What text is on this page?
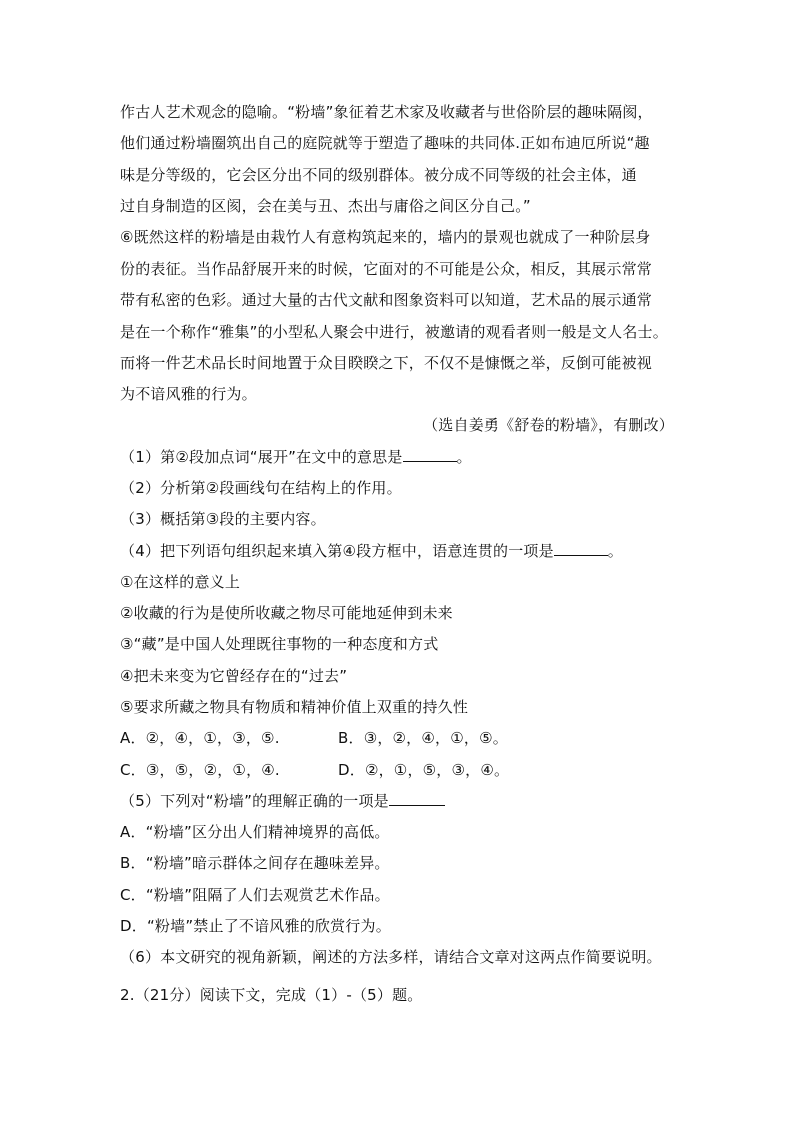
作古人艺术观念的隐喻。“粉墙”象征着艺术家及收藏者与世俗阶层的趣味隔阂，
他们通过粉墙圈筑出自己的庭院就等于塑造了趣味的共同体.正如布迪厄所说“趣
味是分等级的，它会区分出不同的级别群体。被分成不同等级的社会主体，通
过自身制造的区阂，会在美与丑、杰出与庸俗之间区分自己。”
⑥既然这样的粉墙是由栽竹人有意构筑起来的，墙内的景观也就成了一种阶层身
份的表征。当作品舒展开来的时候，它面对的不可能是公众，相反，其展示常常
带有私密的色彩。通过大量的古代文献和图象资料可以知道，艺术品的展示通常
是在一个称作“雅集”的小型私人聚会中进行，被邀请的观看者则一般是文人名士。
而将一件艺术品长时间地置于众目睽睽之下，不仅不是慷慨之举，反倒可能被视
为不谙风雅的行为。
（选自姜勇《舒卷的粉墙》，有删改）
（1）第②段加点词“展开”在文中的意思是	。
（2）分析第②段画线句在结构上的作用。
（3）概括第③段的主要内容。
（4）把下列语句组织起来填入第④段方框中，语意连贯的一项是	。
①在这样的意义上
②收藏的行为是使所收藏之物尽可能地延伸到未来
③“藏”是中国人处理既往事物的一种态度和方式
④把未来变为它曾经存在的“过去”
⑤要求所藏之物具有物质和精神价值上双重的持久性
A．②，④，①，③，⑤.	B．③，②，④，①，⑤。
C．③，⑤，②，①，④.	D．②，①，⑤，③，④。
（5）下列对“粉墙”的理解正确的一项是
A．“粉墙”区分出人们精神境界的高低。
B．“粉墙”暗示群体之间存在趣味差异。
C．“粉墙”阻隔了人们去观赏艺术作品。
D．“粉墙”禁止了不谙风雅的欣赏行为。
（6）本文研究的视角新颖，阐述的方法多样，请结合文章对这两点作简要说明。
2.（21分）阅读下文，完成（1）-（5）题。
